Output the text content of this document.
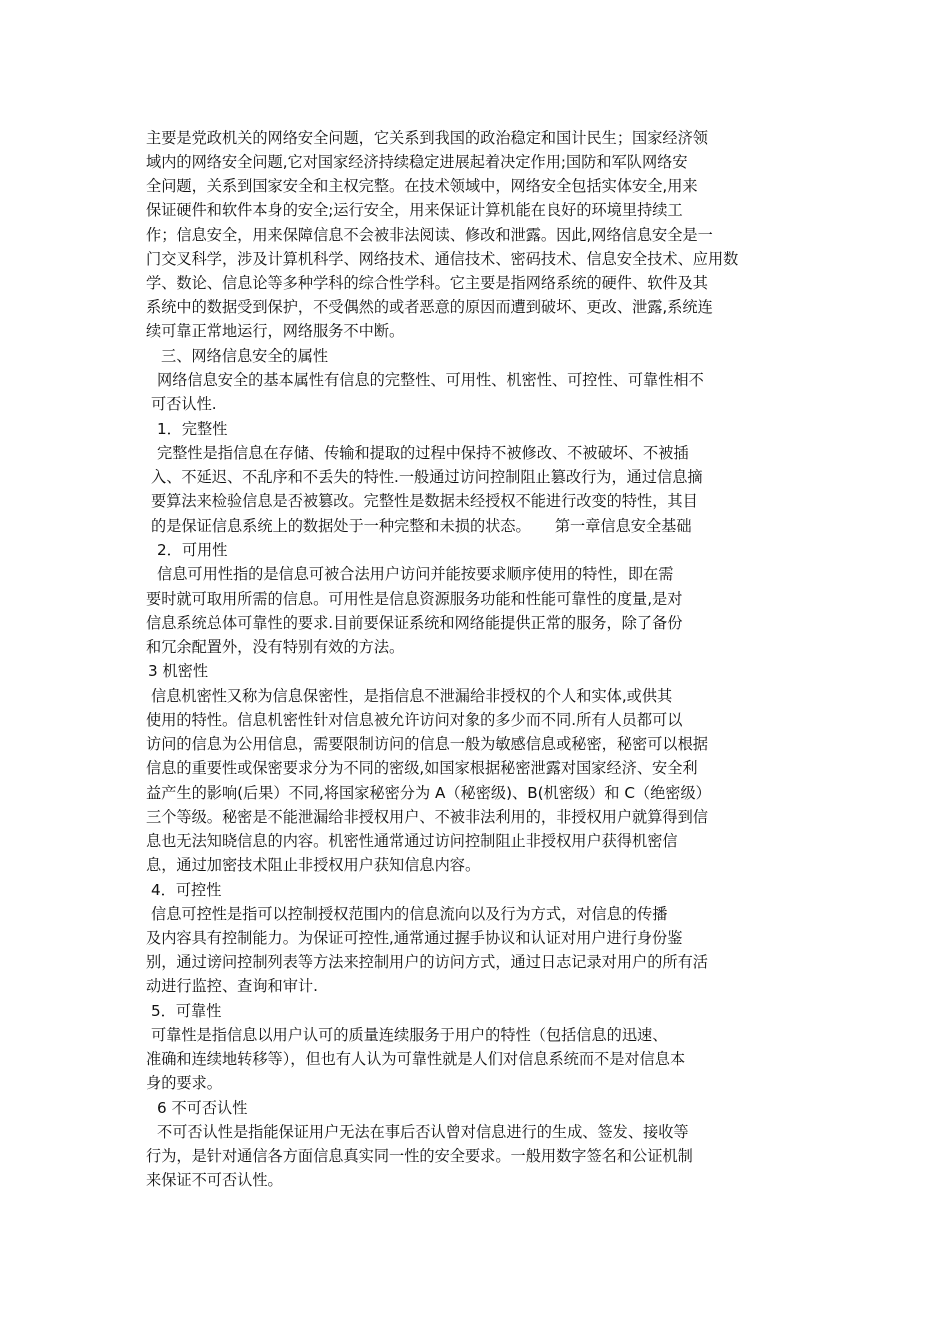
主要是党政机关的网络安全问题，它关系到我国的政治稳定和国计民生；国家经济领
域内的网络安全问题,它对国家经济持续稳定进展起着决定作用;国防和军队网络安
全问题，关系到国家安全和主权完整。在技术领域中，网络安全包括实体安全,用来
保证硬件和软件本身的安全;运行安全，用来保证计算机能在良好的环境里持续工
作；信息安全，用来保障信息不会被非法阅读、修改和泄露。因此,网络信息安全是一
门交叉科学，涉及计算机科学、网络技术、通信技术、密码技术、信息安全技术、应用数
学、数论、信息论等多种学科的综合性学科。它主要是指网络系统的硬件、软件及其
系统中的数据受到保护，不受偶然的或者恶意的原因而遭到破坏、更改、泄露,系统连
续可靠正常地运行，网络服务不中断。
三、网络信息安全的属性
网络信息安全的基本属性有信息的完整性、可用性、机密性、可控性、可靠性相不
可否认性.
1．完整性
完整性是指信息在存储、传输和提取的过程中保持不被修改、不被破坏、不被插
入、不延迟、不乱序和不丢失的特性.一般通过访问控制阻止篡改行为，通过信息摘
要算法来检验信息是否被篡改。完整性是数据未经授权不能进行改变的特性，其目
的是保证信息系统上的数据处于一种完整和未损的状态。     第一章信息安全基础
2．可用性
信息可用性指的是信息可被合法用户访问并能按要求顺序使用的特性，即在需
要时就可取用所需的信息。可用性是信息资源服务功能和性能可靠性的度量,是对
信息系统总体可靠性的要求.目前要保证系统和网络能提供正常的服务，除了备份
和冗余配置外，没有特别有效的方法。
3 机密性
信息机密性又称为信息保密性，是指信息不泄漏给非授权的个人和实体,或供其
使用的特性。信息机密性针对信息被允许访问对象的多少而不同.所有人员都可以
访问的信息为公用信息，需要限制访问的信息一般为敏感信息或秘密，秘密可以根据
信息的重要性或保密要求分为不同的密级,如国家根据秘密泄露对国家经济、安全利
益产生的影响(后果）不同,将国家秘密分为 A（秘密级)、B(机密级）和 C（绝密级）
三个等级。秘密是不能泄漏给非授权用户、不被非法利用的，非授权用户就算得到信
息也无法知晓信息的内容。机密性通常通过访问控制阻止非授权用户获得机密信
息，通过加密技术阻止非授权用户获知信息内容。
4．可控性
信息可控性是指可以控制授权范围内的信息流向以及行为方式，对信息的传播
及内容具有控制能力。为保证可控性,通常通过握手协议和认证对用户进行身份鉴
别，通过谤问控制列表等方法来控制用户的访问方式，通过日志记录对用户的所有活
动进行监控、查询和审计.
5．可靠性
可靠性是指信息以用户认可的质量连续服务于用户的特性（包括信息的迅速、
准确和连续地转移等），但也有人认为可靠性就是人们对信息系统而不是对信息本
身的要求。
6 不可否认性
不可否认性是指能保证用户无法在事后否认曾对信息进行的生成、签发、接收等
行为，是针对通信各方面信息真实同一性的安全要求。一般用数字签名和公证机制
来保证不可否认性。
